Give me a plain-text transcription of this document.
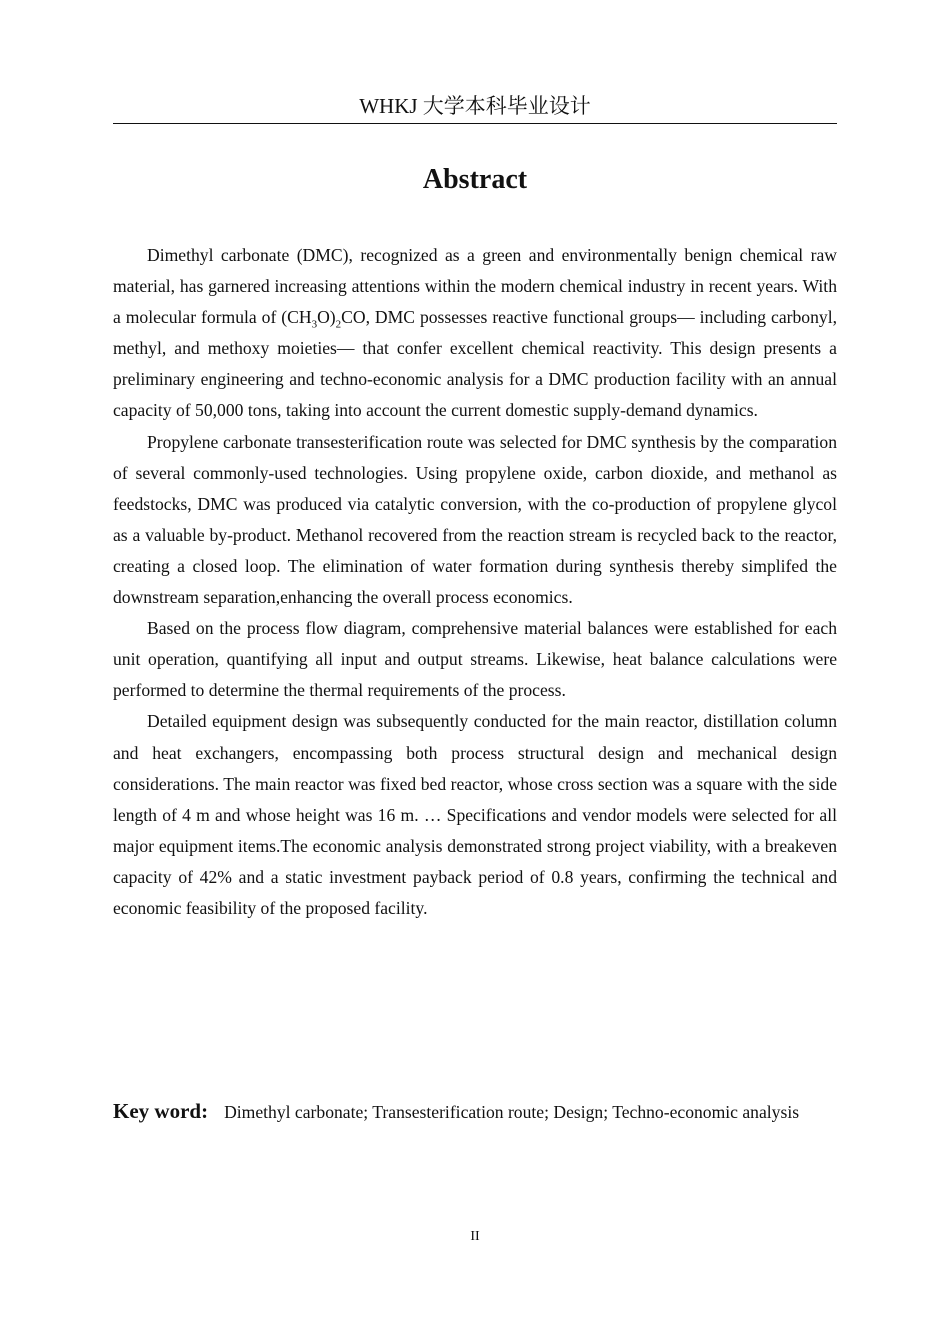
WHKJ 大学本科毕业设计
Abstract

Dimethyl carbonate (DMC), recognized as a green and environmentally benign chemical raw material, has garnered increasing attentions within the modern chemical industry in recent years. With a molecular formula of $(CH_3O)_2CO$, DMC possesses reactive functional groups— including carbonyl, methyl, and methoxy moieties— that confer excellent chemical reactivity. This design presents a preliminary engineering and techno-economic analysis for a DMC production facility with an annual capacity of 50,000 tons, taking into account the current domestic supply-demand dynamics.

Propylene carbonate transesterification route was selected for DMC synthesis by the comparation of several commonly-used technologies. Using propylene oxide, carbon dioxide, and methanol as feedstocks, DMC was produced via catalytic conversion, with the co-production of propylene glycol as a valuable by-product. Methanol recovered from the reaction stream is recycled back to the reactor, creating a closed loop. The elimination of water formation during synthesis thereby simplifed the downstream separation,enhancing the overall process economics.

Based on the process flow diagram, comprehensive material balances were established for each unit operation, quantifying all input and output streams. Likewise, heat balance calculations were performed to determine the thermal requirements of the process.

Detailed equipment design was subsequently conducted for the main reactor, distillation column and heat exchangers, encompassing both process structural design and mechanical design considerations. The main reactor was fixed bed reactor, whose cross section was a square with the side length of 4 m and whose height was 16 m. … Specifications and vendor models were selected for all major equipment items.The economic analysis demonstrated strong project viability, with a breakeven capacity of 42% and a static investment payback period of 0.8 years, confirming the technical and economic feasibility of the proposed facility.

Key word: Dimethyl carbonate; Transesterification route; Design; Techno-economic analysis
II
